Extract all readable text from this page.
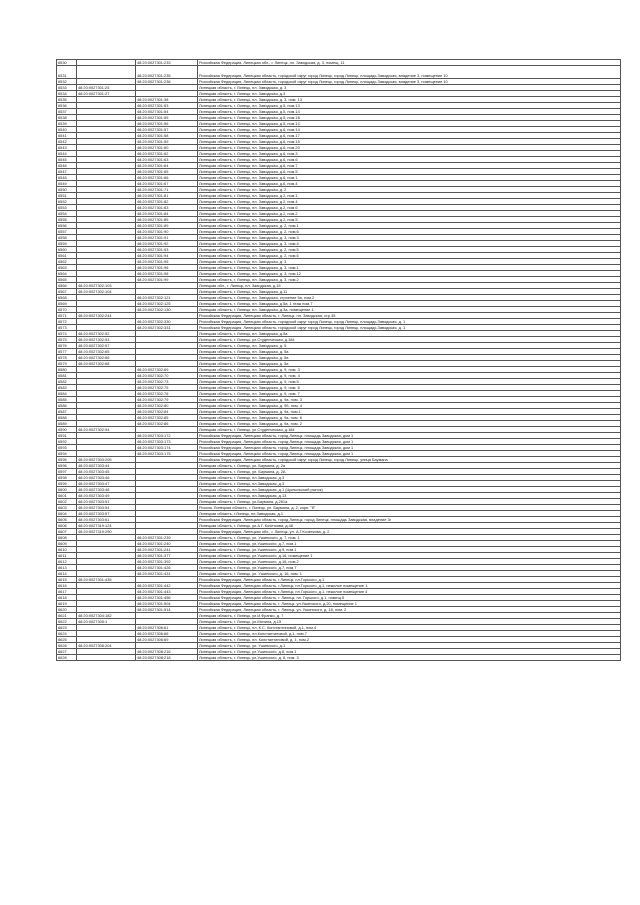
6530		48:20:0027301:233	Российская Федерация, Липецкая обл., г. Липецк, пл. Заводская, д. 3, помещ. 11
6531		48:20:0027301:235	Российская Федерация, Липецкая область, городской округ город Липецк, город Липецк, площадь Заводская, владение 3, помещение 10
6532		48:20:0027301:236	Российская Федерация, Липецкая область, городской округ город Липецк, город Липецк, площадь Заводская, владение 3, помещение 10
6533	48:20:0027301:25		Липецкая область, г. Липецк, пл. Заводская, д. 3
6534	48:20:0027301:27		Липецкая область, г. Липецк, пл. Заводская, д.3
6535		48:20:0027301:38	Липецкая область, г. Липецк, пл. Заводская, д. 3, пом. 13
6536		48:20:0027301:53	Липецкая область, г. Липецк, пл. Заводская, д.5, пом.13
6537		48:20:0027301:54	Липецкая область, г. Липецк, пл. Заводская, д.5, пом.14
6538		48:20:0027301:55	Липецкая область, г. Липецк, пл. Заводская, д.5, пом.1Б
6539		48:20:0027301:56	Липецкая область, г. Липецк, пл. Заводская, д.5, пом.1С
6540		48:20:0027301:57	Липецкая область, г. Липецк, пл. Заводская, д.6, пом.14
6541		48:20:0027301:58	Липецкая область, г. Липецк, пл. Заводская, д.6, пом.17
6542		48:20:0027301:59	Липецкая область, г. Липецк, пл. Заводская, д.6, пом.15
6543		48:20:0027301:60	Липецкая область, г. Липецк, пл. Заводская, д.6, пом.20
6544		48:20:0027301:62	Липецкая область, г. Липецк, пл. Заводская, д.6, пом.3
6545		48:20:0027301:63	Липецкая область, г. Липецк, пл. Заводская, д.6, пом.6
6546		48:20:0027301:64	Липецкая область, г. Липецк, пл. Заводская, д.6, пом.7
6547		48:20:0027301:65	Липецкая область, г. Липецк, пл. Заводская, д.6, пом.5
6548		48:20:0027301:66	Липецкая область, г. Липецк, пл. Заводская, д.6, пом.1
6549		48:20:0027301:67	Липецкая область, г. Липецк, пл. Заводская, д.6, пом.4
6550		48:20:0027301:71	Липецкая область, г. Липецк, пл. Заводская, д. 2
6551		48:20:0027301:81	Липецкая область, г. Липецк, пл. Заводская, д.2, пом.1
6552		48:20:0027301:82	Липецкая область, г. Липецк, пл. Заводская, д.2, пом.4
6553		48:20:0027301:83	Липецкая область, г. Липецк, пл. Заводская, д.2, пом.6
6554		48:20:0027301:84	Липецкая область, г. Липецк, пл. Заводская, д.2, пом.2
6555		48:20:0027301:85	Липецкая область, г. Липецк, пл. Заводская, д.2, пом.5
6556		48:20:0027301:89	Липецкая область, г. Липецк, пл. Заводская, д. 2, пом.1
6557		48:20:0027301:90	Липецкая область, г. Липецк, пл. Заводская, д. 2, пом.6
6558		48:20:0027301:91	Липецкая область, г. Липецк, пл. Заводская, д. 3, пом.3
6559		48:20:0027301:92	Липецкая область, г. Липецк, пл. Заводская, д. 3, пом.4
6560		48:20:0027301:93	Липецкая область, г. Липецк, пл. Заводская, д. 2, пом.5
6561		48:20:0027301:94	Липецкая область, г. Липецк, пл. Заводская, д. 2, пом.6
6562		48:20:0027301:95	Липецкая область, г. Липецк, пл. Заводская, д. 3
6563		48:20:0027301:96	Липецкая область, г. Липецк, пл. Заводская, д. 3, пом.1
6564		48:20:0027301:98	Липецкая область, г. Липецк, пл. Заводская, д. 3, пом.12
6565		48:20:0027301:99	Липецкая область, г. Липецк, пл. Заводская, д. 3, пом.2
6566	48:20:0027302:103		Липецкая обл., г. Липецк, пл. Заводская, д.15
6567	48:20:0027302:104		Липецкая область, г. Липецк, пл. Заводская, д.11
6568		48:20:0027302:121	Липецкая область, г. Липецк, пл. Заводская, строение 5а, пом.2
6569		48:20:0027302:125	Липецкая область, г. Липецк, пл. Заводская, д.5а, 1 этаж пом.7
6570		48:20:0027302:130	Липецкая область, г. Липецк, пл. Заводская, д.3а, помещение 1
6571	48:20:0027302:244		Российская Федерация, Липецкая область, г. Липецк, пл. Заводская, стр.35
6572		48:20:0027302:330	Российская Федерация, Липецкая область, городской округ город Липецк, город Липецк, площадь Заводская, д. 1
6573		48:20:0027302:331	Российская Федерация, Липецкая область, городской округ город Липецк, город Липецк, площадь Заводская, д. 1
6574	48:20:0027302:52		Липецкая область, г. Липецк, пл. Заводская, д.5а
6575	48:20:0027302:53		Липецкая область, г. Липецк, ул.Студенческая, д.184
6576	48:20:0027302:57		Липецкая область, г. Липецк, пл. Заводская, д. 5
6577	48:20:0027302:65		Липецкая область, г. Липецк, пл. Заводская, д. 5а
6578	48:20:0027302:66		Липецкая область, г. Липецк, пл. Заводская, д. 5а
6579	48:20:0027302:68		Липецкая область, г. Липецк, пл. Заводская, д. 5а
6580		48:20:0027302:69	Липецкая область, г. Липецк, пл. Заводская, д. 9, пом. 3
6581		48:20:0027302:70	Липецкая область, г. Липецк, пл. Заводская, д. 9, пом. 4
6582		48:20:0027302:73	Липецкая область, г. Липецк, пл. Заводская, д. 9, пом.5
6583		48:20:0027302:75	Липецкая область, г. Липецк, пл. Заводская, д. 9, пом. 6
6584		48:20:0027302:76	Липецкая область, г. Липецк, пл. Заводская, д. 9, пом. 7
6585		48:20:0027302:79	Липецкая область, г. Липецк, пл. Заводская, д. 9а, пом. 3
6586		48:20:0027302:80	Липецкая область, г. Липецк, пл. Заводская, д. 9б, пом. 4
6587		48:20:0027302:84	Липецкая область, г. Липецк, пл. Заводская, д. 9а, пом.1
6588		48:20:0027302:85	Липецкая область, г. Липецк, пл. Заводская, д. 9а, пом. 6
6589		48:20:0027302:86	Липецкая область, г. Липецк, пл. Заводская, д. 9а, пом. 2
6590	48:20:0027302:94		Липецкая область, г. Липецк, ул.Студенческая, д.184
6591		48:20:0027303:172	Российская Федерация, Липецкая область, город Липецк, площадь Заводская, дом 1
6592		48:20:0027303:173	Российская Федерация, Липецкая область, город Липецк, площадь Заводская, дом 1
6593		48:20:0027303:174	Российская Федерация, Липецкая область, город Липецк, площадь Заводская, дом 1
6594		48:20:0027303:175	Российская Федерация, Липецкая область, город Липецк, площадь Заводская, дом 1
6595	48:20:0027303:205		Российская Федерация, Липецкая область, городской округ город Липецк, город Липецк, улица Баумана
6596	48:20:0027303:44		Липецкая область, г. Липецк, ул. Баумана, д. 2а
6597	48:20:0027303:45		Липецкая область, г. Липецк, ул. Баумана, д. 2А
6598	48:20:0027303:46		Липецкая область, г. Липецк, пл.Заводская, д.3
6599	48:20:0027303:47		Липецкая область, г. Липецк, пл.Заводская, д.3
6600	48:20:0027303:48		Липецкая область, г. Липецк, пл.Заводская, д.1 (Цыпыльский рынок)
6601	48:20:0027303:49		Липецкая область, г. Липецк, пл.Заводская, д.13
6602	48:20:0027303:51		Липецкая область, г. Липецк, ул.Баумана, д.261а
6603	48:20:0027303:54		Россия, Липецкая область, г. Липецк, ул. Баумана, д. 2, корп. "б"
6604	48:20:0027303:57		Липецкая область, г.Липецк, пл.Заводская, д.1
6605	48:20:0027303:61		Российская Федерация, Липецкая область, город Липецк, город Липецк, площадь Заводская, владение 3г
6606	48:20:0027319:124		Липецкая область, г. Липецк, ул.А.Г. Кочеткова, д.48
6607	48:20:0027319:290		Российская Федерация, Липецкая обл., г. Липецк, ул. А.Г.Кочеткова, д. 2
6608		48:20:0027301:239	Липецкая область, г. Липецк, ул. Ушинского, д. 7, пом. 1
6609		48:20:0027301:240	Липецкая область, г. Липецк, ул.Ушинского, д.7, пом.1
6610		48:20:0027301:241	Липецкая область, г. Липецк, ул.Ушинского, д.9, пом.1
6611		48:20:0027301:377	Липецкая область, г. Липецк, ул.Ушинского, д.16, помещение 1
6612		48:20:0027301:392	Липецкая область, г. Липецк, ул.Ушинского, д.16, пом.2
6613		48:20:0027301:426	Липецкая область, г. Липецк, ул.Ушинского, д.7, пом.7
6614		48:20:0027301:431	Липецкая область, г. Липецк, ул. Ушинского, д. 16, пом. 1
6615	48:20:0027301:435		Российская Федерация, Липецкая область, г.Липецк, пл.Горького, д.1
6616		48:20:0027301:442	Российская Федерация, Липецкая область, г.Липецк, пл.Горького, д.1, нежилое помещение 1
6617		48:20:0027301:443	Российская Федерация, Липецкая область, г.Липецк, пл.Горького, д.1, нежилое помещение 4
6618		48:20:0027301:456	Российская Федерация, Липецкая область, г. Липецк, пл. Горького, д.1, помещ.5
6619		48:20:0027301:504	Российская Федерация, Липецкая область, г. Липецк, ул.Ушинского, д.20, помещение 1
6620		48:20:0027301:514	Российская Федерация, Липецкая область, г. Липецк, ул. Ушинского, д. 18, пом. 2
6621	48:20:0027304:182		Липецкая область, г. Липецк, ул.И.Франко, д. 7
6622	48:20:0027305:1		Липецкая область, г. Липецк, ул.Мичина, д.15
6623		48:20:0027306:61	Липецкая область, г. Липецк, пл. К.С. Константиновой, д.1, пом.4
6624		48:20:0027306:66	Липецкая область, г. Липецк, пл.Константиновой, д.1, пом.7
6625		48:20:0027306:69	Липецкая область, г. Липецк, пл. Константиновой, д. 1, пом.2
6626	48:20:0027308:204		Липецкая область, г. Липецк, ул. Ушинского, д.1
6627		48:20:0027308:216	Липецкая область, г. Липецк, ул.Ушинского, д.8, пом.1
6628		48:20:0027308:218	Липецкая область, г. Липецк, ул.Ушинского, д. 8, пом. 3
